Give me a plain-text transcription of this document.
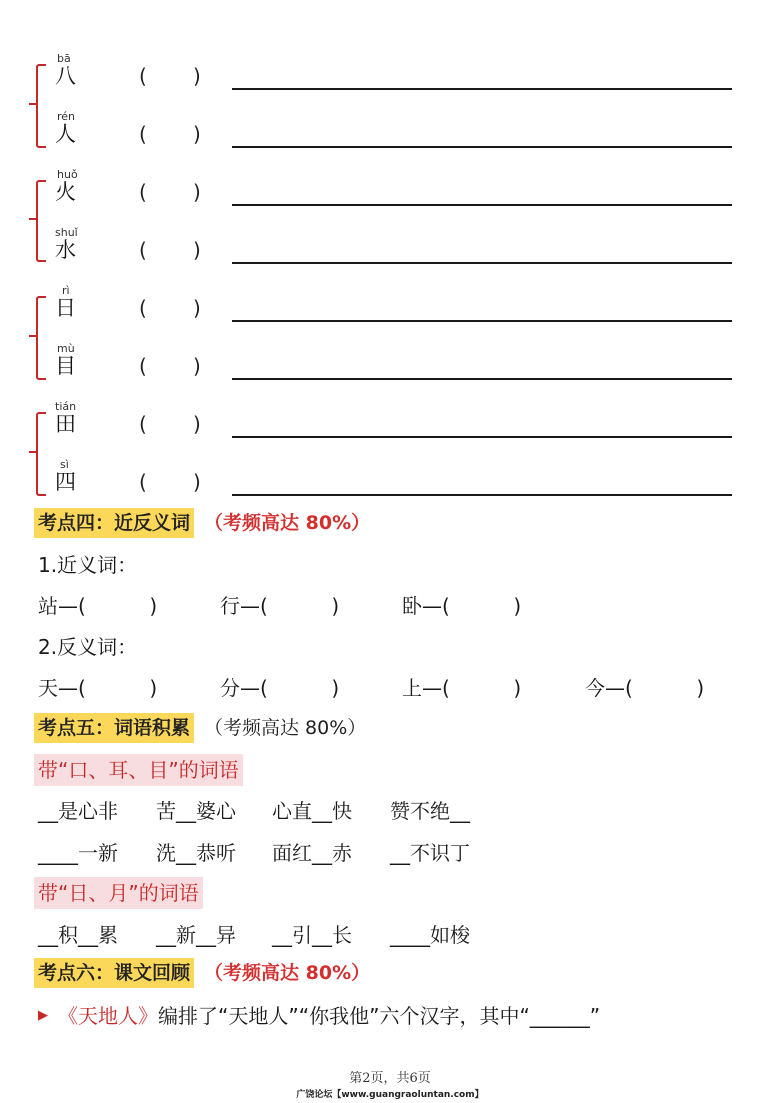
bā
八	( )
rén
人	( )
huǒ
火	( )
shuǐ
水	( )
rì
日	( )
mù
目	( )
tián
田	( )
sì
四	( )
考点四：近反义词 （考频高达 80%）
1.近义词：
站—(          )	行—(          )	卧—(          )
2.反义词：
天—(          )	分—(          )	上—(          )	今—(          )
考点五：词语积累 （考频高达 80%）
带“口、耳、目”的词语
__是心非 苦__婆心 心直__快 赞不绝__
____一新 洗__恭听 面红__赤 __不识丁
带“日、月”的词语
__积__累 __新__异 __引__长 ____如梭
考点六：课文回顾 （考频高达 80%）
▶ 《天地人》 编排了“天地人”“你我他”六个汉字，其中“______”
第2页，共6页
广饶论坛【www.guangraoluntan.com】
